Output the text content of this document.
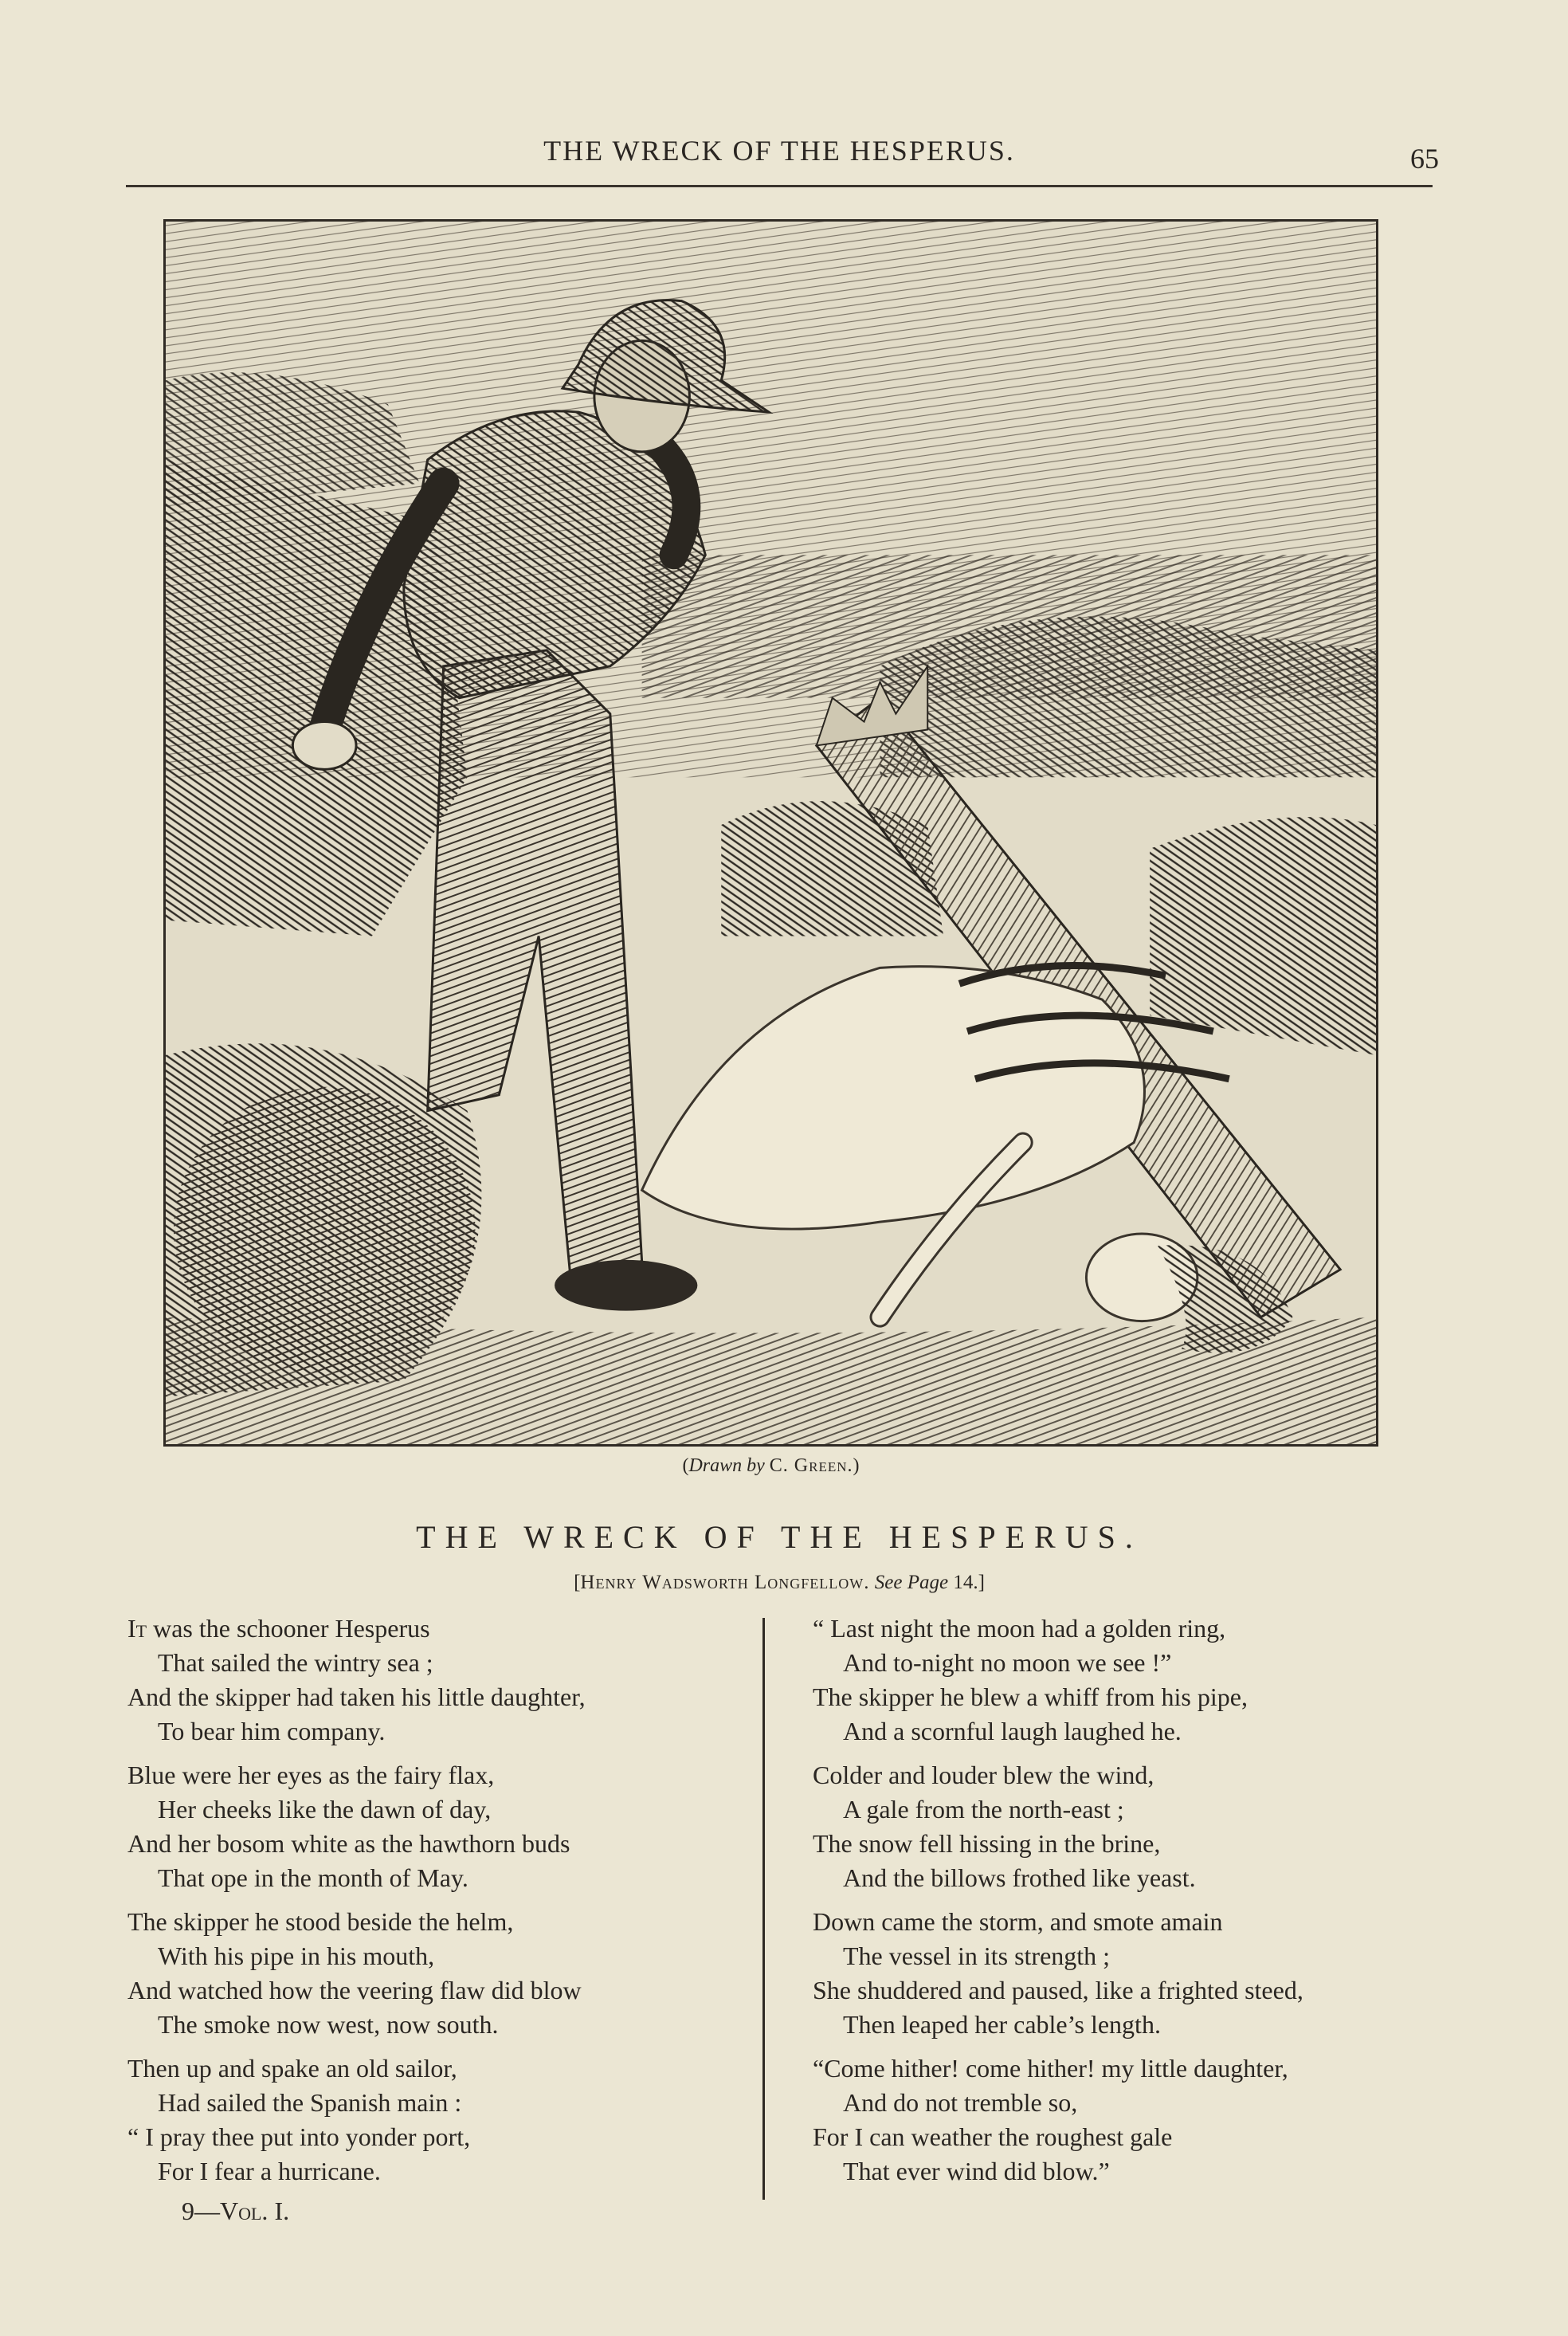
THE WRECK OF THE HESPERUS.	65
(Drawn by C. Green.)
THE WRECK OF THE HESPERUS.
[Henry Wadsworth Longfellow. See Page 14.]
It was the schooner Hesperus
That sailed the wintry sea ;
And the skipper had taken his little daughter,
To bear him company.
Blue were her eyes as the fairy flax,
Her cheeks like the dawn of day,
And her bosom white as the hawthorn buds
That ope in the month of May.
The skipper he stood beside the helm,
With his pipe in his mouth,
And watched how the veering flaw did blow
The smoke now west, now south.
Then up and spake an old sailor,
Had sailed the Spanish main :
“ I pray thee put into yonder port,
For I fear a hurricane.
“ Last night the moon had a golden ring,
And to-night no moon we see !”
The skipper he blew a whiff from his pipe,
And a scornful laugh laughed he.
Colder and louder blew the wind,
A gale from the north-east ;
The snow fell hissing in the brine,
And the billows frothed like yeast.
Down came the storm, and smote amain
The vessel in its strength ;
She shuddered and paused, like a frighted steed,
Then leaped her cable’s length.
“Come hither! come hither! my little daughter,
And do not tremble so,
For I can weather the roughest gale
That ever wind did blow.”
9—Vol. I.
